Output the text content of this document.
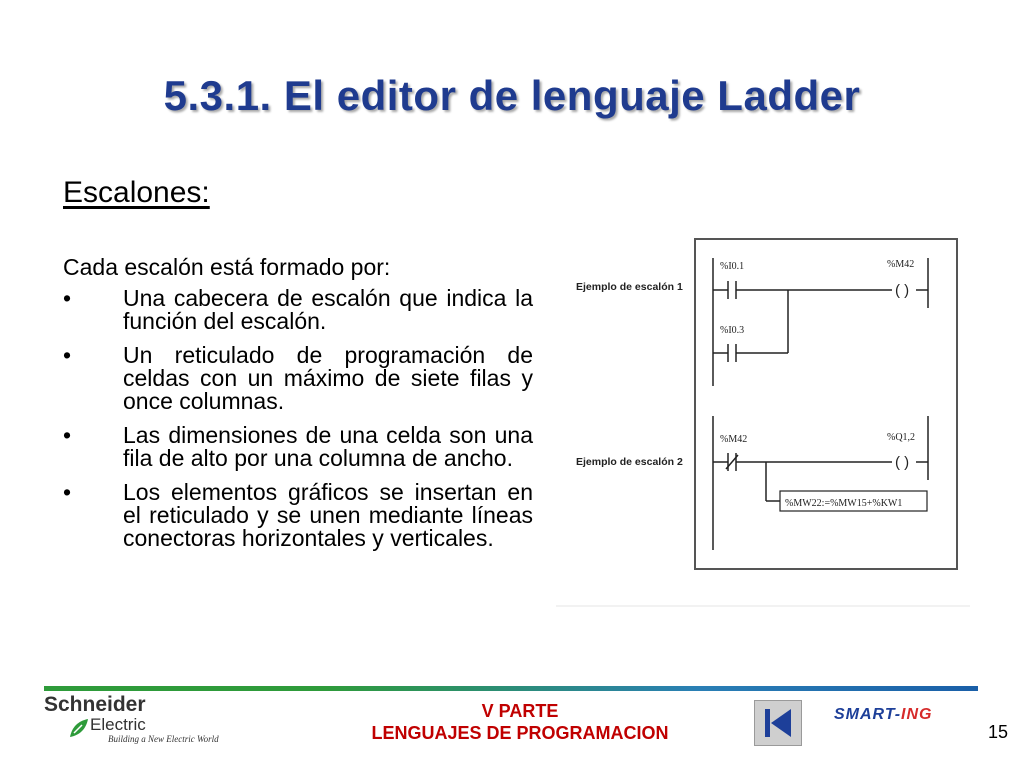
5.3.1. El editor de lenguaje Ladder
Escalones:
Cada escalón está formado por:
• Una cabecera de escalón que indica la función del escalón.
• Un reticulado de programación de celdas con un máximo de siete filas y once columnas.
• Las dimensiones de una celda son una fila de alto por una columna de ancho.
• Los elementos gráficos se insertan en el reticulado y se unen mediante líneas conectoras horizontales y verticales.
Ejemplo de escalón 1
Ejemplo de escalón 2
%I0.1	%M42
( )
%I0.3
%M42	%Q1,2
( )
%MW22:=%MW15+%KW1
Schneider
Electric
Building a New Electric World
V PARTE
LENGUAJES DE PROGRAMACION
SMART-ING
15
